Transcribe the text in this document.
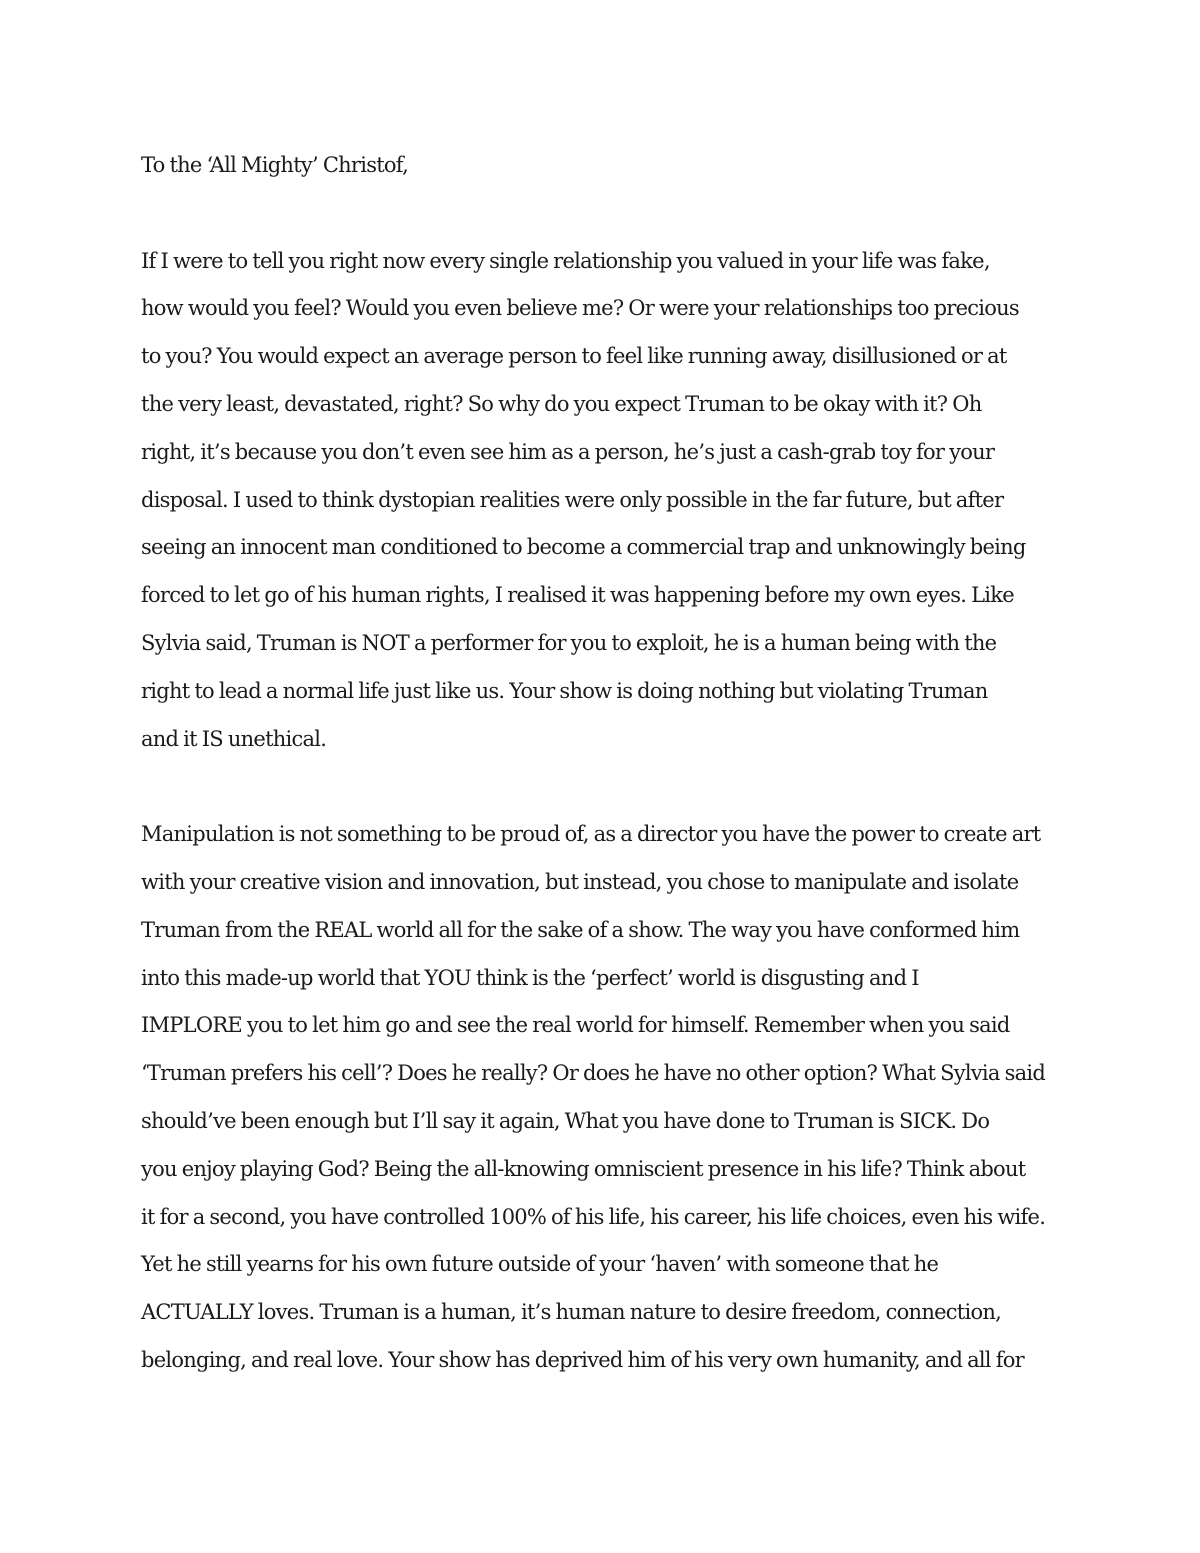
To the ‘All Mighty’ Christof,
If I were to tell you right now every single relationship you valued in your life was fake,
how would you feel? Would you even believe me? Or were your relationships too precious
to you? You would expect an average person to feel like running away, disillusioned or at
the very least, devastated, right? So why do you expect Truman to be okay with it? Oh
right, it’s because you don’t even see him as a person, he’s just a cash-grab toy for your
disposal. I used to think dystopian realities were only possible in the far future, but after
seeing an innocent man conditioned to become a commercial trap and unknowingly being
forced to let go of his human rights, I realised it was happening before my own eyes. Like
Sylvia said, Truman is NOT a performer for you to exploit, he is a human being with the
right to lead a normal life just like us. Your show is doing nothing but violating Truman
and it IS unethical.
Manipulation is not something to be proud of, as a director you have the power to create art
with your creative vision and innovation, but instead, you chose to manipulate and isolate
Truman from the REAL world all for the sake of a show. The way you have conformed him
into this made-up world that YOU think is the ‘perfect’ world is disgusting and I
IMPLORE you to let him go and see the real world for himself. Remember when you said
‘Truman prefers his cell’? Does he really? Or does he have no other option? What Sylvia said
should’ve been enough but I’ll say it again, What you have done to Truman is SICK. Do
you enjoy playing God? Being the all-knowing omniscient presence in his life? Think about
it for a second, you have controlled 100% of his life, his career, his life choices, even his wife.
Yet he still yearns for his own future outside of your ‘haven’ with someone that he
ACTUALLY loves. Truman is a human, it’s human nature to desire freedom, connection,
belonging, and real love. Your show has deprived him of his very own humanity, and all for
